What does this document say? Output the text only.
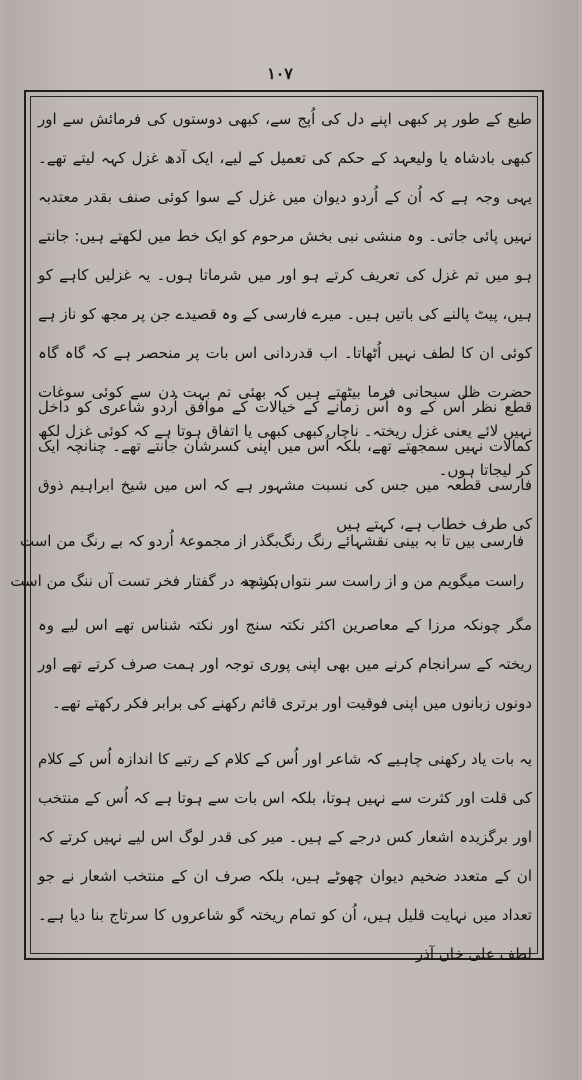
۱۰۷
طبع کے طور پر کبھی اپنے دل کی اُپج سے، کبھی دوستوں کی فرمائش سے اور کبھی بادشاہ یا ولیعہد کے حکم کی تعمیل کے لیے، ایک آدھ غزل کہہ لیتے تھے۔ یہی وجہ ہے کہ اُن کے اُردو دیوان میں غزل کے سوا کوئی صنف بقدر معتدبہ نہیں پائی جاتی۔ وہ منشی نبی بخش مرحوم کو ایک خط میں لکھتے ہیں: جانتے ہو میں تم غزل کی تعریف کرتے ہو اور میں شرماتا ہوں۔ یہ غزلیں کاہے کو ہیں، پیٹ پالنے کی باتیں ہیں۔ میرے فارسی کے وہ قصیدے جن پر مجھ کو ناز ہے کوئی ان کا لطف نہیں اُٹھاتا۔ اب قدردانی اس بات پر منحصر ہے کہ گاہ گاہ حضرت ظل سبحانی فرما بیٹھتے ہیں کہ بھئی تم بہت دن سے کوئی سوغات نہیں لائے یعنی غزل ریختہ۔ ناچار کبھی کبھی یا اتفاق ہوتا ہے کہ کوئی غزل لکھ کر لیجاتا ہوں۔
قطع نظر اُس کے وہ اُس زمانے کے خیالات کے موافق اُردو شاعری کو داخل کمالات نہیں سمجھتے تھے، بلکہ اُس میں اپنی کسرشان جانتے تھے۔ چنانچہ ایک فارسی قطعہ میں جس کی نسبت مشہور ہے کہ اس میں شیخ ابراہیم ذوق کی طرف خطاب ہے، کہتے ہیں
فارسی بیں تا بہ بینی نقشہائے رنگ رنگ
بگذر از مجموعۂ اُردو کہ بے رنگ من است
راست میگویم من و از راست سر نتواں کشید
ہر چہ در گفتار فخر تست آں ننگ من است
مگر چونکہ مرزا کے معاصرین اکثر نکتہ سنج اور نکتہ شناس تھے اس لیے وہ ریختہ کے سرانجام کرنے میں بھی اپنی پوری توجہ اور ہمت صرف کرتے تھے اور دونوں زبانوں میں اپنی فوقیت اور برتری قائم رکھنے کی برابر فکر رکھتے تھے۔
یہ بات یاد رکھنی چاہیے کہ شاعر اور اُس کے کلام کے رتبے کا اندازہ اُس کے کلام کی قلت اور کثرت سے نہیں ہوتا، بلکہ اس بات سے ہوتا ہے کہ اُس کے منتخب اور برگزیدہ اشعار کس درجے کے ہیں۔ میر کی قدر لوگ اس لیے نہیں کرتے کہ ان کے متعدد ضخیم دیوان چھوٹے ہیں، بلکہ صرف ان کے منتخب اشعار نے جو تعداد میں نہایت قلیل ہیں، اُن کو تمام ریختہ گو شاعروں کا سرتاج بنا دیا ہے۔ لطف علی خاں آذر
